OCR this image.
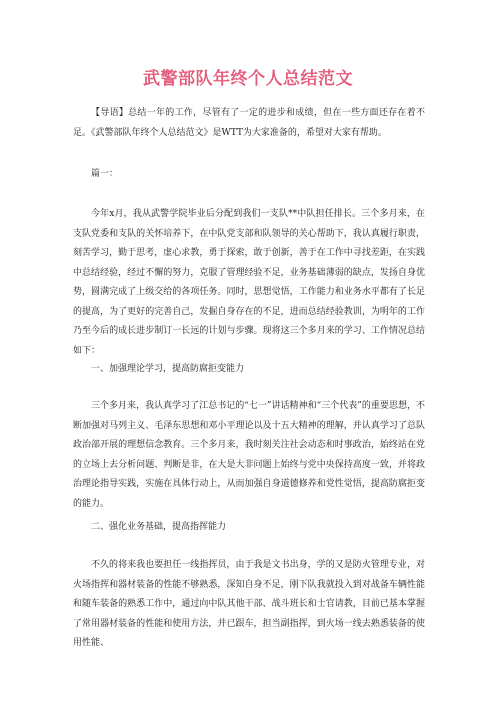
武警部队年终个人总结范文

【导语】总结一年的工作，尽管有了一定的进步和成绩，但在一些方面还存在着不足。《武警部队年终个人总结范文》是WTT为大家准备的，希望对大家有帮助。

篇一：

今年x月，我从武警学院毕业后分配到我们一支队**中队担任排长。三个多月来，在支队党委和支队的关怀培养下，在中队党支部和队领导的关心帮助下，我认真履行职责，刻苦学习，勤于思考，虚心求教，勇于探索，敢于创新，善于在工作中寻找差距，在实践中总结经验，经过不懈的努力，克服了管理经验不足，业务基础薄弱的缺点，发扬自身优势，圆满完成了上级交给的各项任务。同时，思想觉悟，工作能力和业务水平都有了长足的提高，为了更好的完善自己，发掘自身存在的不足，进而总结经验教训，为明年的工作乃至今后的成长进步制订一长远的计划与步骤。现将这三个多月来的学习、工作情况总结如下：

一、加强理论学习，提高防腐拒变能力

三个多月来，我认真学习了江总书记的“七一”讲话精神和“三个代表”的重要思想，不断加强对马列主义、毛泽东思想和邓小平理论以及十五大精神的理解，并认真学习了总队政治部开展的理想信念教育。三个多月来，我时刻关注社会动态和时事政治，始终站在党的立场上去分析问题、判断是非，在大是大非问题上始终与党中央保持高度一致，并将政治理论指导实践，实施在具体行动上，从而加强自身道德修养和党性觉悟，提高防腐拒变的能力。

二、强化业务基础，提高指挥能力

不久的将来我也要担任一线指挥员，由于我是文书出身，学的又是防火管理专业，对火场指挥和器材装备的性能不够熟悉，深知自身不足，刚下队我就投入到对战备车辆性能和随车装备的熟悉工作中，通过向中队其他干部、战斗班长和士官请教，目前已基本掌握了常用器材装备的性能和使用方法，并已跟车，担当副指挥，到火场一线去熟悉装备的使用性能、
